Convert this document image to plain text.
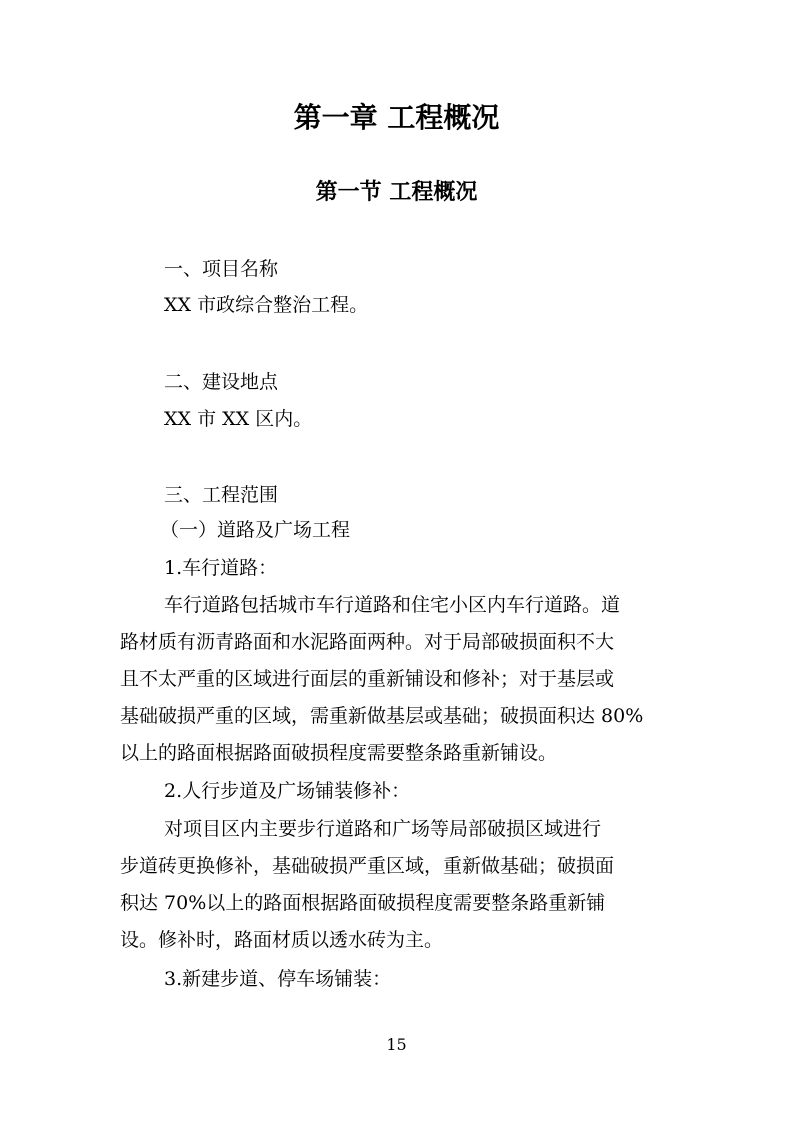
第一章 工程概况
第一节 工程概况
一、项目名称
XX 市政综合整治工程。
二、建设地点
XX 市 XX 区内。
三、工程范围
（一）道路及广场工程
1.车行道路：
车行道路包括城市车行道路和住宅小区内车行道路。道
路材质有沥青路面和水泥路面两种。对于局部破损面积不大
且不太严重的区域进行面层的重新铺设和修补；对于基层或
基础破损严重的区域，需重新做基层或基础；破损面积达 80%
以上的路面根据路面破损程度需要整条路重新铺设。
2.人行步道及广场铺装修补：
对项目区内主要步行道路和广场等局部破损区域进行
步道砖更换修补，基础破损严重区域，重新做基础；破损面
积达 70%以上的路面根据路面破损程度需要整条路重新铺
设。修补时，路面材质以透水砖为主。
3.新建步道、停车场铺装：
15
